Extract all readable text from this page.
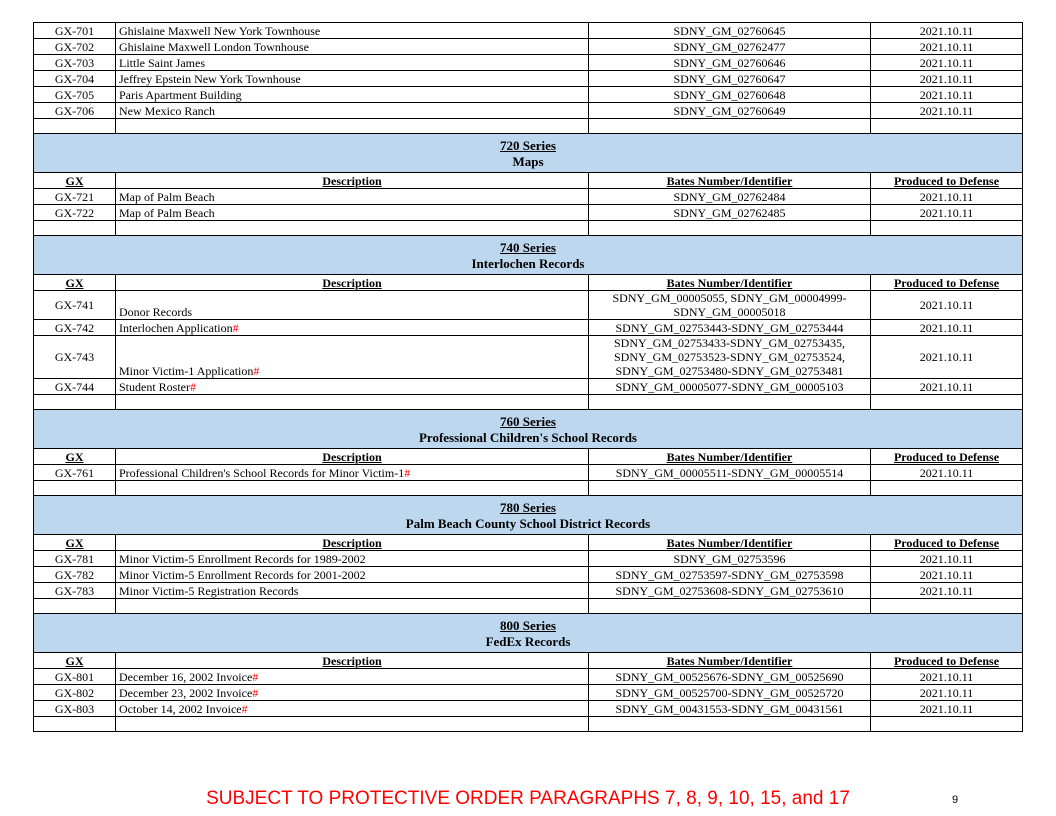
GX-701	Ghislaine Maxwell New York Townhouse	SDNY_GM_02760645	2021.10.11
GX-702	Ghislaine Maxwell London Townhouse	SDNY_GM_02762477	2021.10.11
GX-703	Little Saint James	SDNY_GM_02760646	2021.10.11
GX-704	Jeffrey Epstein New York Townhouse	SDNY_GM_02760647	2021.10.11
GX-705	Paris Apartment Building	SDNY_GM_02760648	2021.10.11
GX-706	New Mexico Ranch	SDNY_GM_02760649	2021.10.11

720 Series
Maps			

GX	Description	Bates Number/Identifier	Produced to Defense
GX-721	Map of Palm Beach	SDNY_GM_02762484	2021.10.11
GX-722	Map of Palm Beach	SDNY_GM_02762485	2021.10.11

740 Series
Interlochen Records			

GX	Description	Bates Number/Identifier	Produced to Defense
GX-741	Donor Records	SDNY_GM_00005055, SDNY_GM_00004999-SDNY_GM_00005018	2021.10.11
GX-742	Interlochen Application#	SDNY_GM_02753443-SDNY_GM_02753444	2021.10.11
GX-743	Minor Victim-1 Application#	SDNY_GM_02753433-SDNY_GM_02753435, SDNY_GM_02753523-SDNY_GM_02753524, SDNY_GM_02753480-SDNY_GM_02753481	2021.10.11
GX-744	Student Roster#	SDNY_GM_00005077-SDNY_GM_00005103	2021.10.11

760 Series
Professional Children's School Records			

GX	Description	Bates Number/Identifier	Produced to Defense
GX-761	Professional Children's School Records for Minor Victim-1#	SDNY_GM_00005511-SDNY_GM_00005514	2021.10.11

780 Series
Palm Beach County School District Records			

GX	Description	Bates Number/Identifier	Produced to Defense
GX-781	Minor Victim-5 Enrollment Records for 1989-2002	SDNY_GM_02753596	2021.10.11
GX-782	Minor Victim-5 Enrollment Records for 2001-2002	SDNY_GM_02753597-SDNY_GM_02753598	2021.10.11
GX-783	Minor Victim-5 Registration Records	SDNY_GM_02753608-SDNY_GM_02753610	2021.10.11

800 Series
FedEx Records			

GX	Description	Bates Number/Identifier	Produced to Defense
GX-801	December 16, 2002 Invoice#	SDNY_GM_00525676-SDNY_GM_00525690	2021.10.11
GX-802	December 23, 2002 Invoice#	SDNY_GM_00525700-SDNY_GM_00525720	2021.10.11
GX-803	October 14, 2002 Invoice#	SDNY_GM_00431553-SDNY_GM_00431561	2021.10.11

SUBJECT TO PROTECTIVE ORDER PARAGRAPHS 7, 8, 9, 10, 15, and 17	9
